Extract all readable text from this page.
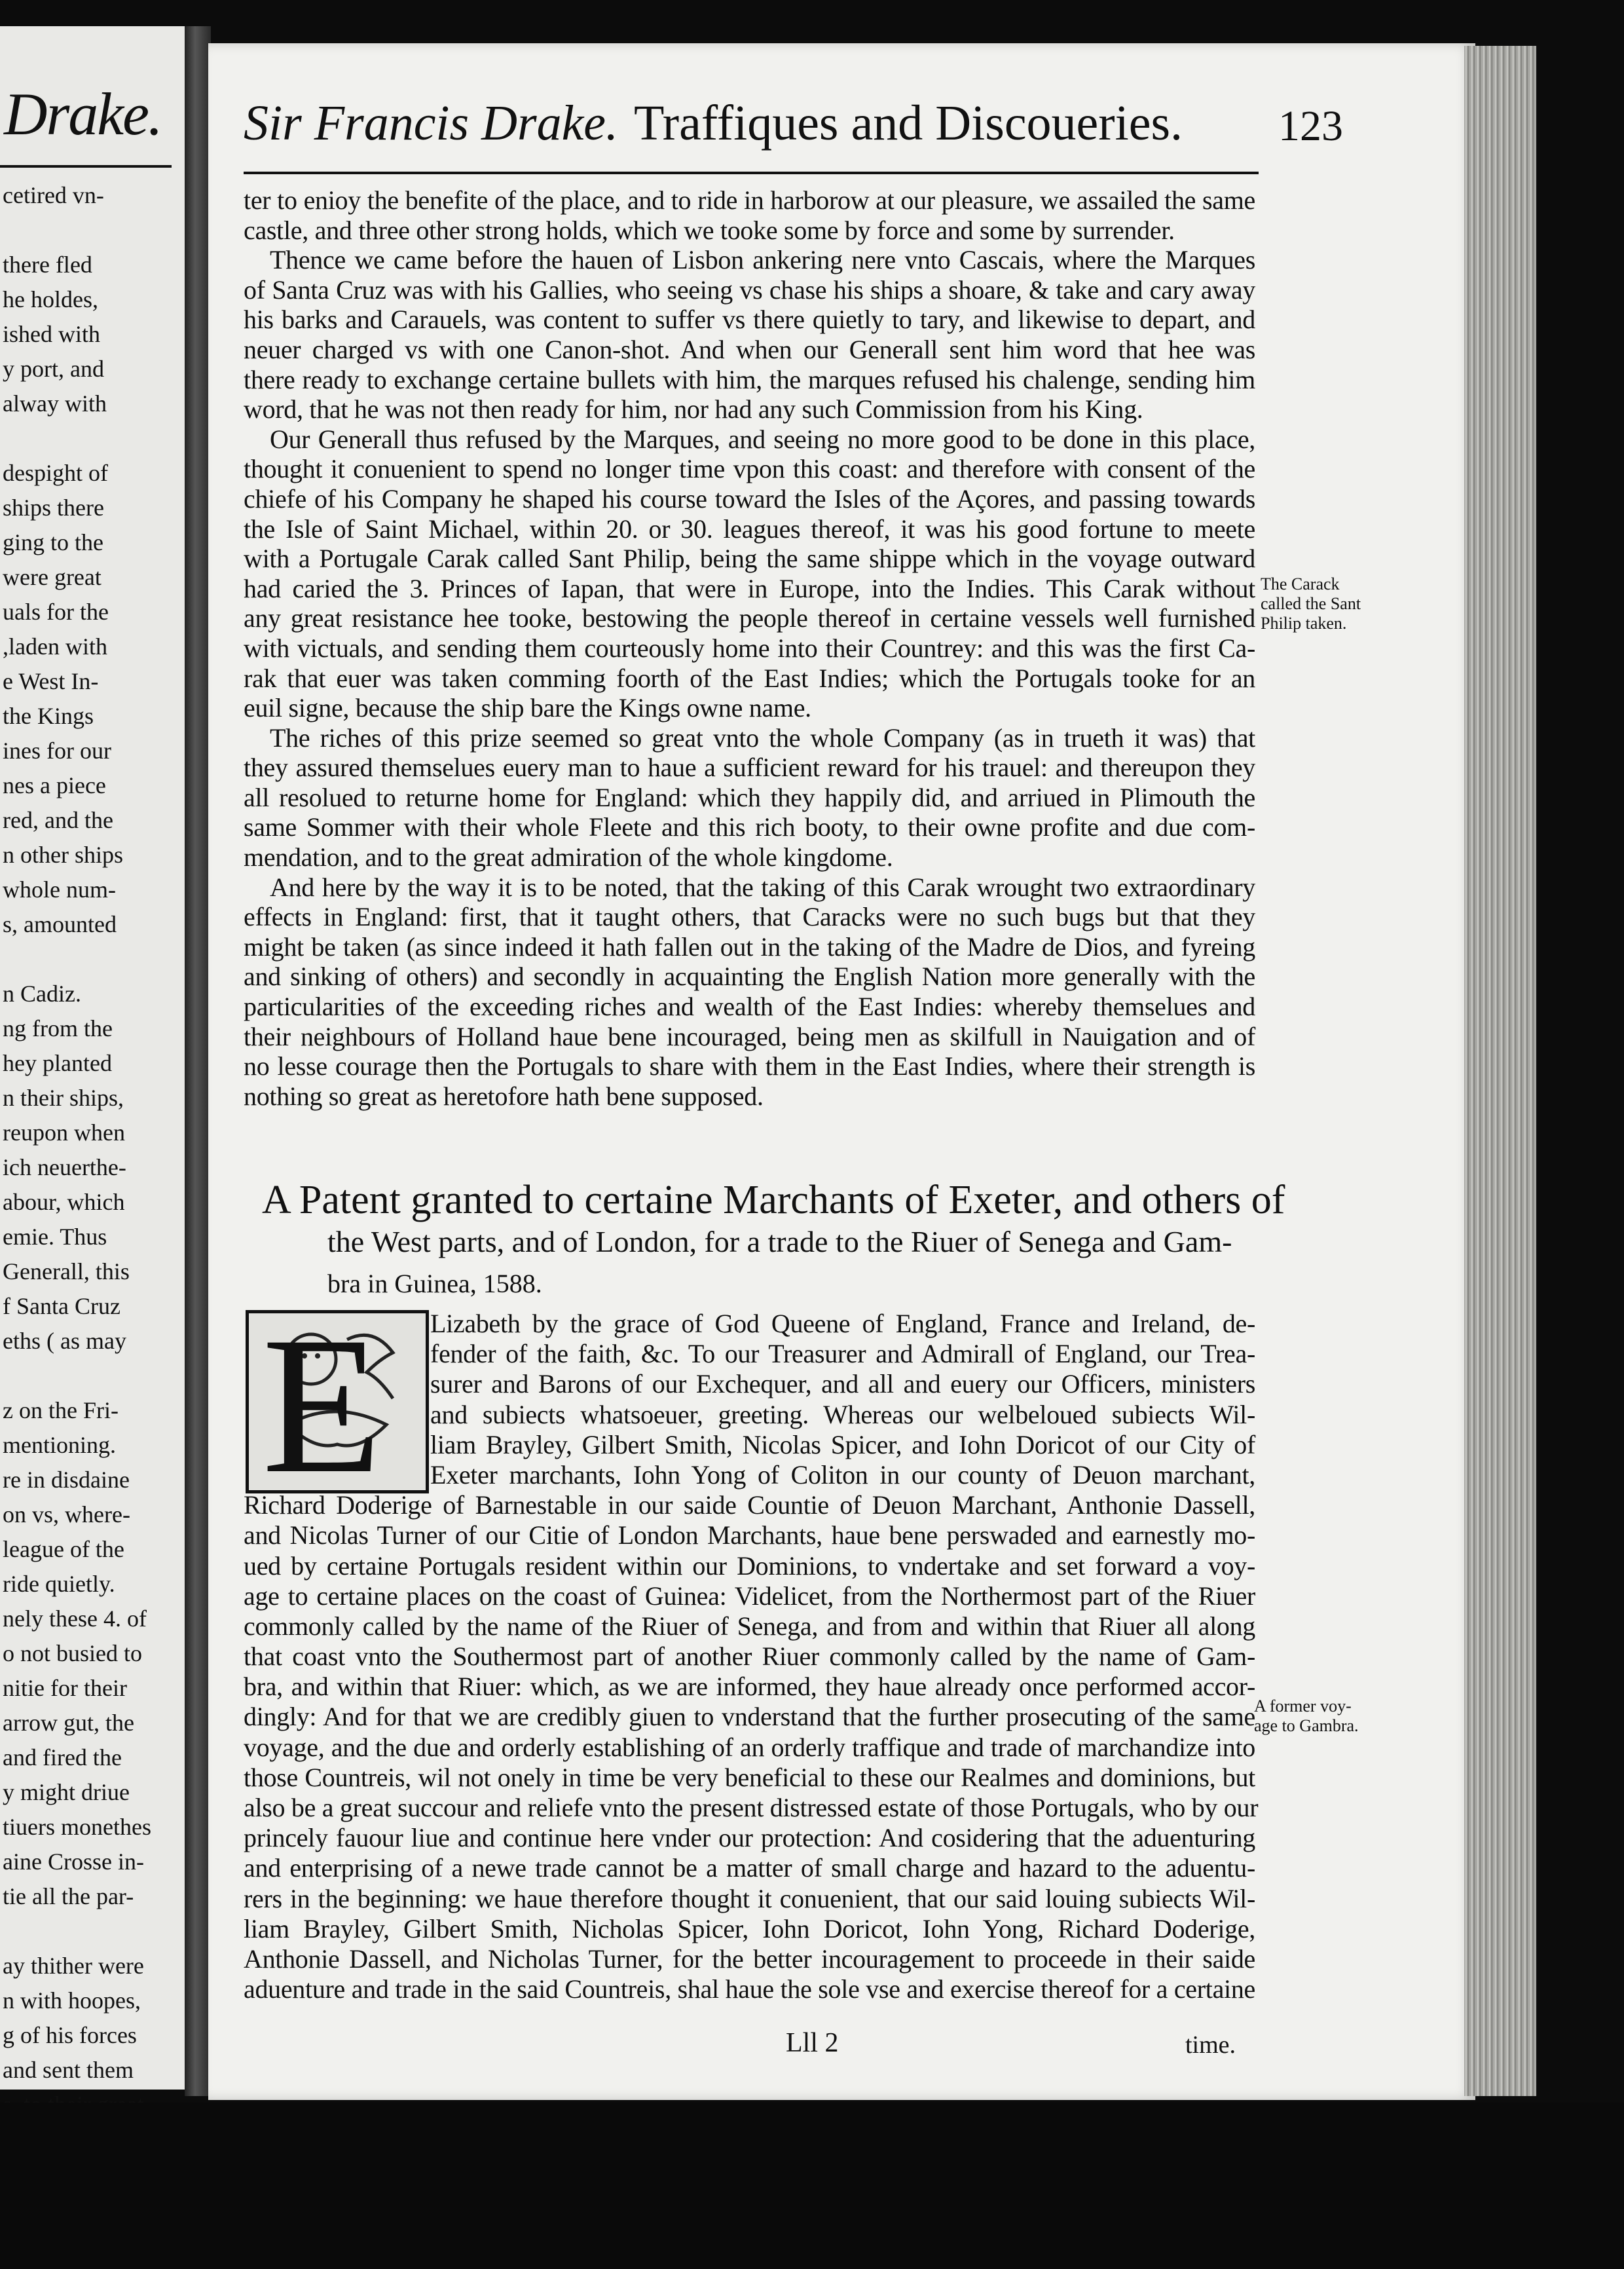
Drake.
cetired vn-
there fled
he holdes,
ished with
y port, and
alway with
despight of
ships there
ging to the
were great
uals for the
,laden with
e West In-
the Kings
ines for our
nes a piece
red, and the
n other ships
whole num-
s, amounted
n Cadiz.
ng from the
hey planted
n their ships,
reupon when
ich neuerthe-
abour, which
emie. Thus
Generall, this
f Santa Cruz
eths ( as may
z on the Fri-
mentioning.
re in disdaine
on vs, where-
league of the
ride quietly.
nely these 4. of
o not busied to
nitie for their
arrow gut, the
and fired the
y might driue
tiuers monethes
aine Crosse in-
tie all the par-
ay thither were
n with hoopes,
g of his forces
and sent them
Sir Francis Drake. Traffiques and Discoueries. 123
ter to enioy the benefite of the place, and to ride in harborow at our pleasure, we assailed the same
castle, and three other strong holds, which we tooke some by force and some by surrender.
Thence we came before the hauen of Lisbon ankering nere vnto Cascais, where the Marques
of Santa Cruz was with his Gallies, who seeing vs chase his ships a shoare, & take and cary away
his barks and Carauels, was content to suffer vs there quietly to tary, and likewise to depart, and
neuer charged vs with one Canon-shot. And when our Generall sent him word that hee was
there ready to exchange certaine bullets with him, the marques refused his chalenge, sending him
word, that he was not then ready for him, nor had any such Commission from his King.
Our Generall thus refused by the Marques, and seeing no more good to be done in this place,
thought it conuenient to spend no longer time vpon this coast: and therefore with consent of the
chiefe of his Company he shaped his course toward the Isles of the Açores, and passing towards
the Isle of Saint Michael, within 20. or 30. leagues thereof, it was his good fortune to meete
with a Portugale Carak called Sant Philip, being the same shippe which in the voyage outward
had caried the 3. Princes of Iapan, that were in Europe, into the Indies. This Carak without
any great resistance hee tooke, bestowing the people thereof in certaine vessels well furnished
with victuals, and sending them courteously home into their Countrey: and this was the first Ca-
rak that euer was taken comming foorth of the East Indies; which the Portugals tooke for an
euil signe, because the ship bare the Kings owne name.
The riches of this prize seemed so great vnto the whole Company (as in trueth it was) that
they assured themselues euery man to haue a sufficient reward for his trauel: and thereupon they
all resolued to returne home for England: which they happily did, and arriued in Plimouth the
same Sommer with their whole Fleete and this rich booty, to their owne profite and due com-
mendation, and to the great admiration of the whole kingdome.
And here by the way it is to be noted, that the taking of this Carak wrought two extraordinary
effects in England: first, that it taught others, that Caracks were no such bugs but that they
might be taken (as since indeed it hath fallen out in the taking of the Madre de Dios, and fyreing
and sinking of others) and secondly in acquainting the English Nation more generally with the
particularities of the exceeding riches and wealth of the East Indies: whereby themselues and
their neighbours of Holland haue bene incouraged, being men as skilfull in Nauigation and of
no lesse courage then the Portugals to share with them in the East Indies, where their strength is
nothing so great as heretofore hath bene supposed.
The Carack
called the Sant
Philip taken.
A Patent granted to certaine Marchants of Exeter, and others of
the West parts, and of London, for a trade to the Riuer of Senega and Gam-
bra in Guinea, 1588.
E	Lizabeth by the grace of God Queene of England, France and Ireland, de-
fender of the faith, &c. To our Treasurer and Admirall of England, our Trea-
surer and Barons of our Exchequer, and all and euery our Officers, ministers
and subiects whatsoeuer, greeting. Whereas our welbeloued subiects Wil-
liam Brayley, Gilbert Smith, Nicolas Spicer, and Iohn Doricot of our City of
Exeter marchants, Iohn Yong of Coliton in our county of Deuon marchant,
Richard Doderige of Barnestable in our saide Countie of Deuon Marchant, Anthonie Dassell,
and Nicolas Turner of our Citie of London Marchants, haue bene perswaded and earnestly mo-
ued by certaine Portugals resident within our Dominions, to vndertake and set forward a voy-
age to certaine places on the coast of Guinea: Videlicet, from the Northermost part of the Riuer
commonly called by the name of the Riuer of Senega, and from and within that Riuer all along
that coast vnto the Southermost part of another Riuer commonly called by the name of Gam-
bra, and within that Riuer: which, as we are informed, they haue already once performed accor-
dingly: And for that we are credibly giuen to vnderstand that the further prosecuting of the same
voyage, and the due and orderly establishing of an orderly traffique and trade of marchandize into
those Countreis, wil not onely in time be very beneficial to these our Realmes and dominions, but
also be a great succour and reliefe vnto the present distressed estate of those Portugals, who by our
princely fauour liue and continue here vnder our protection: And cosidering that the aduenturing
and enterprising of a newe trade cannot be a matter of small charge and hazard to the aduentu-
rers in the beginning: we haue therefore thought it conuenient, that our said louing subiects Wil-
liam Brayley, Gilbert Smith, Nicholas Spicer, Iohn Doricot, Iohn Yong, Richard Doderige,
Anthonie Dassell, and Nicholas Turner, for the better incouragement to proceede in their saide
aduenture and trade in the said Countreis, shal haue the sole vse and exercise thereof for a certaine
A former voy-
age to Gambra.
Lll 2	time.
